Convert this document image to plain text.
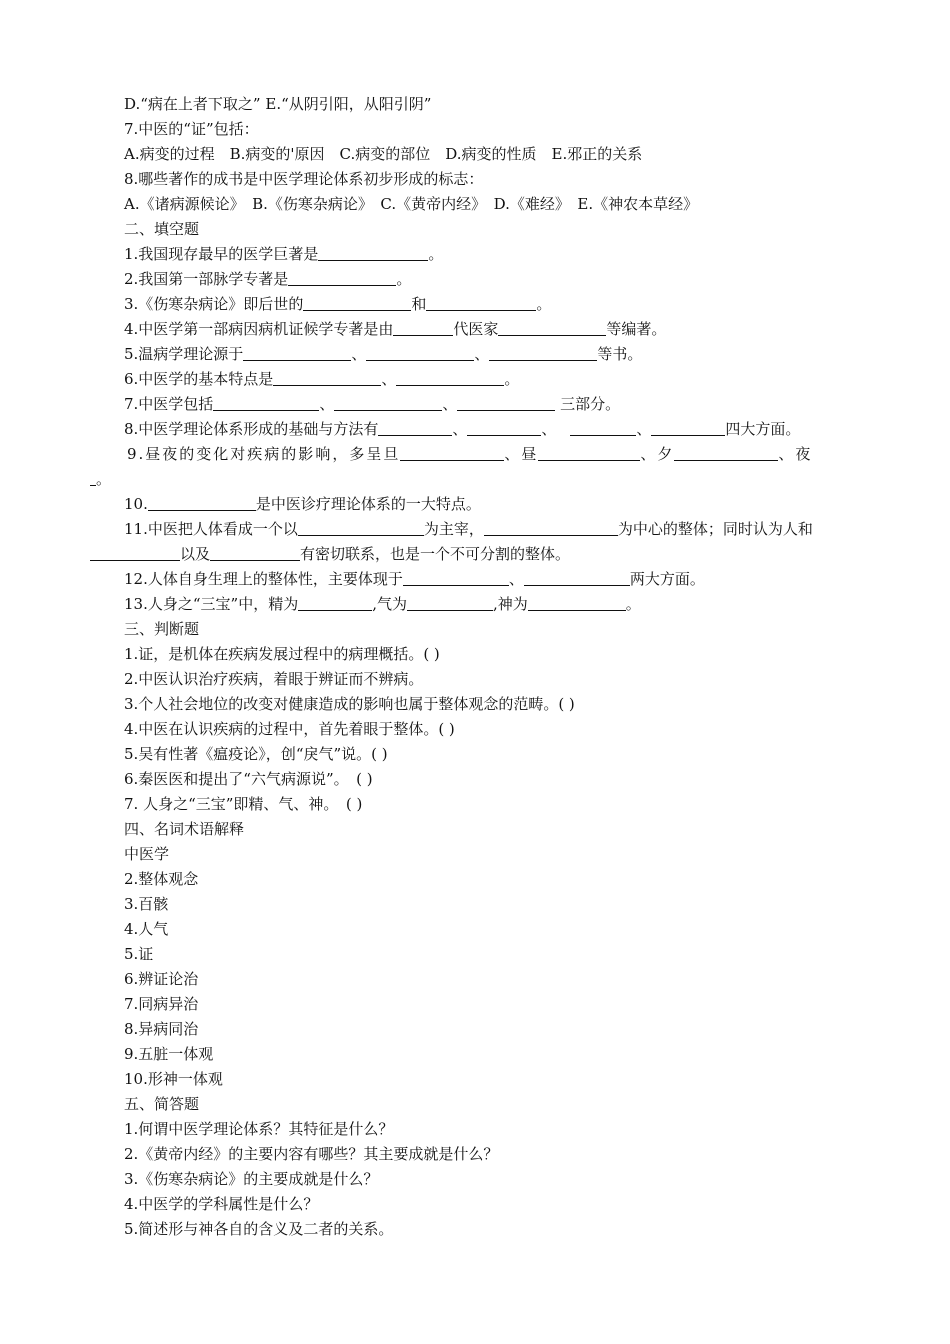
D.“病在上者下取之” E.“从阴引阳，从阳引阴”
7.中医的“证”包括：
A.病变的过程　B.病变的'原因　C.病变的部位　D.病变的性质　E.邪正的关系
8.哪些著作的成书是中医学理论体系初步形成的标志：
A.《诸病源候论》　B.《伤寒杂病论》　C.《黄帝内经》　D.《难经》　E.《神农本草经》
二、填空题
1.我国现存最早的医学巨著是	。
2.我国第一部脉学专著是	。
3.《伤寒杂病论》即后世的	和	。
4.中医学第一部病因病机证候学专著是由	代医家	等编著。
5.温病学理论源于	、	、	等书。
6.中医学的基本特点是	、	。
7.中医学包括	、	、	三部分。
8.中医学理论体系形成的基础与方法有	、	、	、	四大方面。
9.昼夜的变化对疾病的影响，多呈旦	、昼	、夕	、夜
。
10.	是中医诊疗理论体系的一大特点。
11.中医把人体看成一个以	为主宰，	为中心的整体；同时认为人和
以及	有密切联系，也是一个不可分割的整体。
12.人体自身生理上的整体性，主要体现于	、	两大方面。
13.人身之“三宝”中，精为	,气为	,神为	。
三、判断题
1.证，是机体在疾病发展过程中的病理概括。( )
2.中医认识治疗疾病，着眼于辨证而不辨病。
3.个人社会地位的改变对健康造成的影响也属于整体观念的范畴。( )
4.中医在认识疾病的过程中，首先着眼于整体。( )
5.吴有性著《瘟疫论》，创“戾气”说。( )
6.秦医医和提出了“六气病源说”。　( )
7. 人身之“三宝”即精、气、神。　( )
四、名词术语解释
中医学
2.整体观念
3.百骸
4.人气
5.证
6.辨证论治
7.同病异治
8.异病同治
9.五脏一体观
10.形神一体观
五、简答题
1.何谓中医学理论体系？其特征是什么？
2.《黄帝内经》的主要内容有哪些？其主要成就是什么？
3.《伤寒杂病论》的主要成就是什么？
4.中医学的学科属性是什么？
5.简述形与神各自的含义及二者的关系。
